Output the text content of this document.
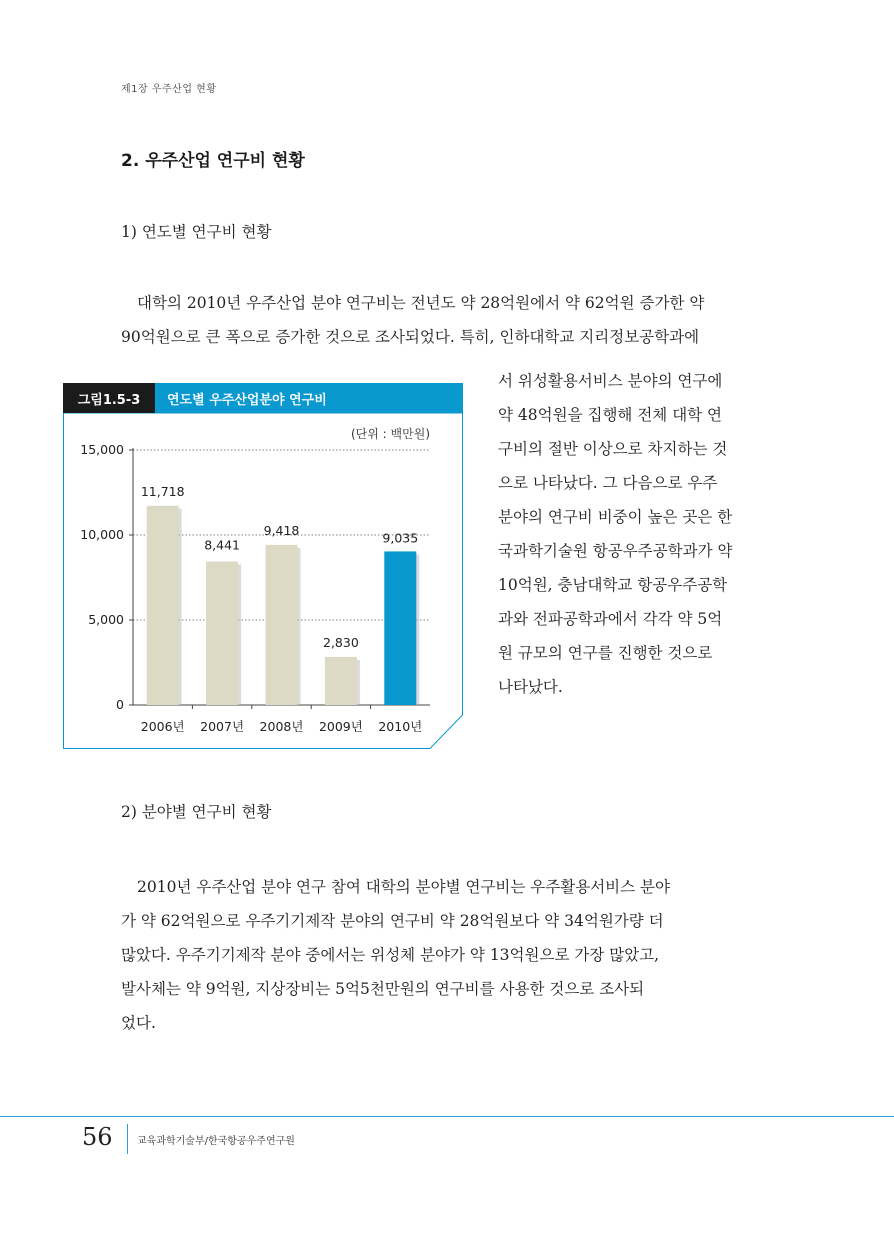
제1장 우주산업 현황
2. 우주산업 연구비 현황
1) 연도별 연구비 현황

대학의 2010년 우주산업 분야 연구비는 전년도 약 28억원에서 약 62억원 증가한 약
90억원으로 큰 폭으로 증가한 것으로 조사되었다. 특히, 인하대학교 지리정보공학과에

0
5,000
10,000
15,000
11,718
2006년
8,441
2007년
9,418
2008년
2,830
2009년
9,035
2010년
그림1.5-3	연도별 우주산업분야 연구비
(단위 : 백만원)

서 위성활용서비스 분야의 연구에
약 48억원을 집행해 전체 대학 연
구비의 절반 이상으로 차지하는 것
으로 나타났다. 그 다음으로 우주
분야의 연구비 비중이 높은 곳은 한
국과학기술원 항공우주공학과가 약
10억원, 충남대학교 항공우주공학
과와 전파공학과에서 각각 약 5억
원 규모의 연구를 진행한 것으로
나타났다.

2) 분야별 연구비 현황

2010년 우주산업 분야 연구 참여 대학의 분야별 연구비는 우주활용서비스 분야
가 약 62억원으로 우주기기제작 분야의 연구비 약 28억원보다 약 34억원가량 더
많았다. 우주기기제작 분야 중에서는 위성체 분야가 약 13억원으로 가장 많았고,
발사체는 약 9억원, 지상장비는 5억5천만원의 연구비를 사용한 것으로 조사되
었다.

56 교육과학기술부/한국항공우주연구원
